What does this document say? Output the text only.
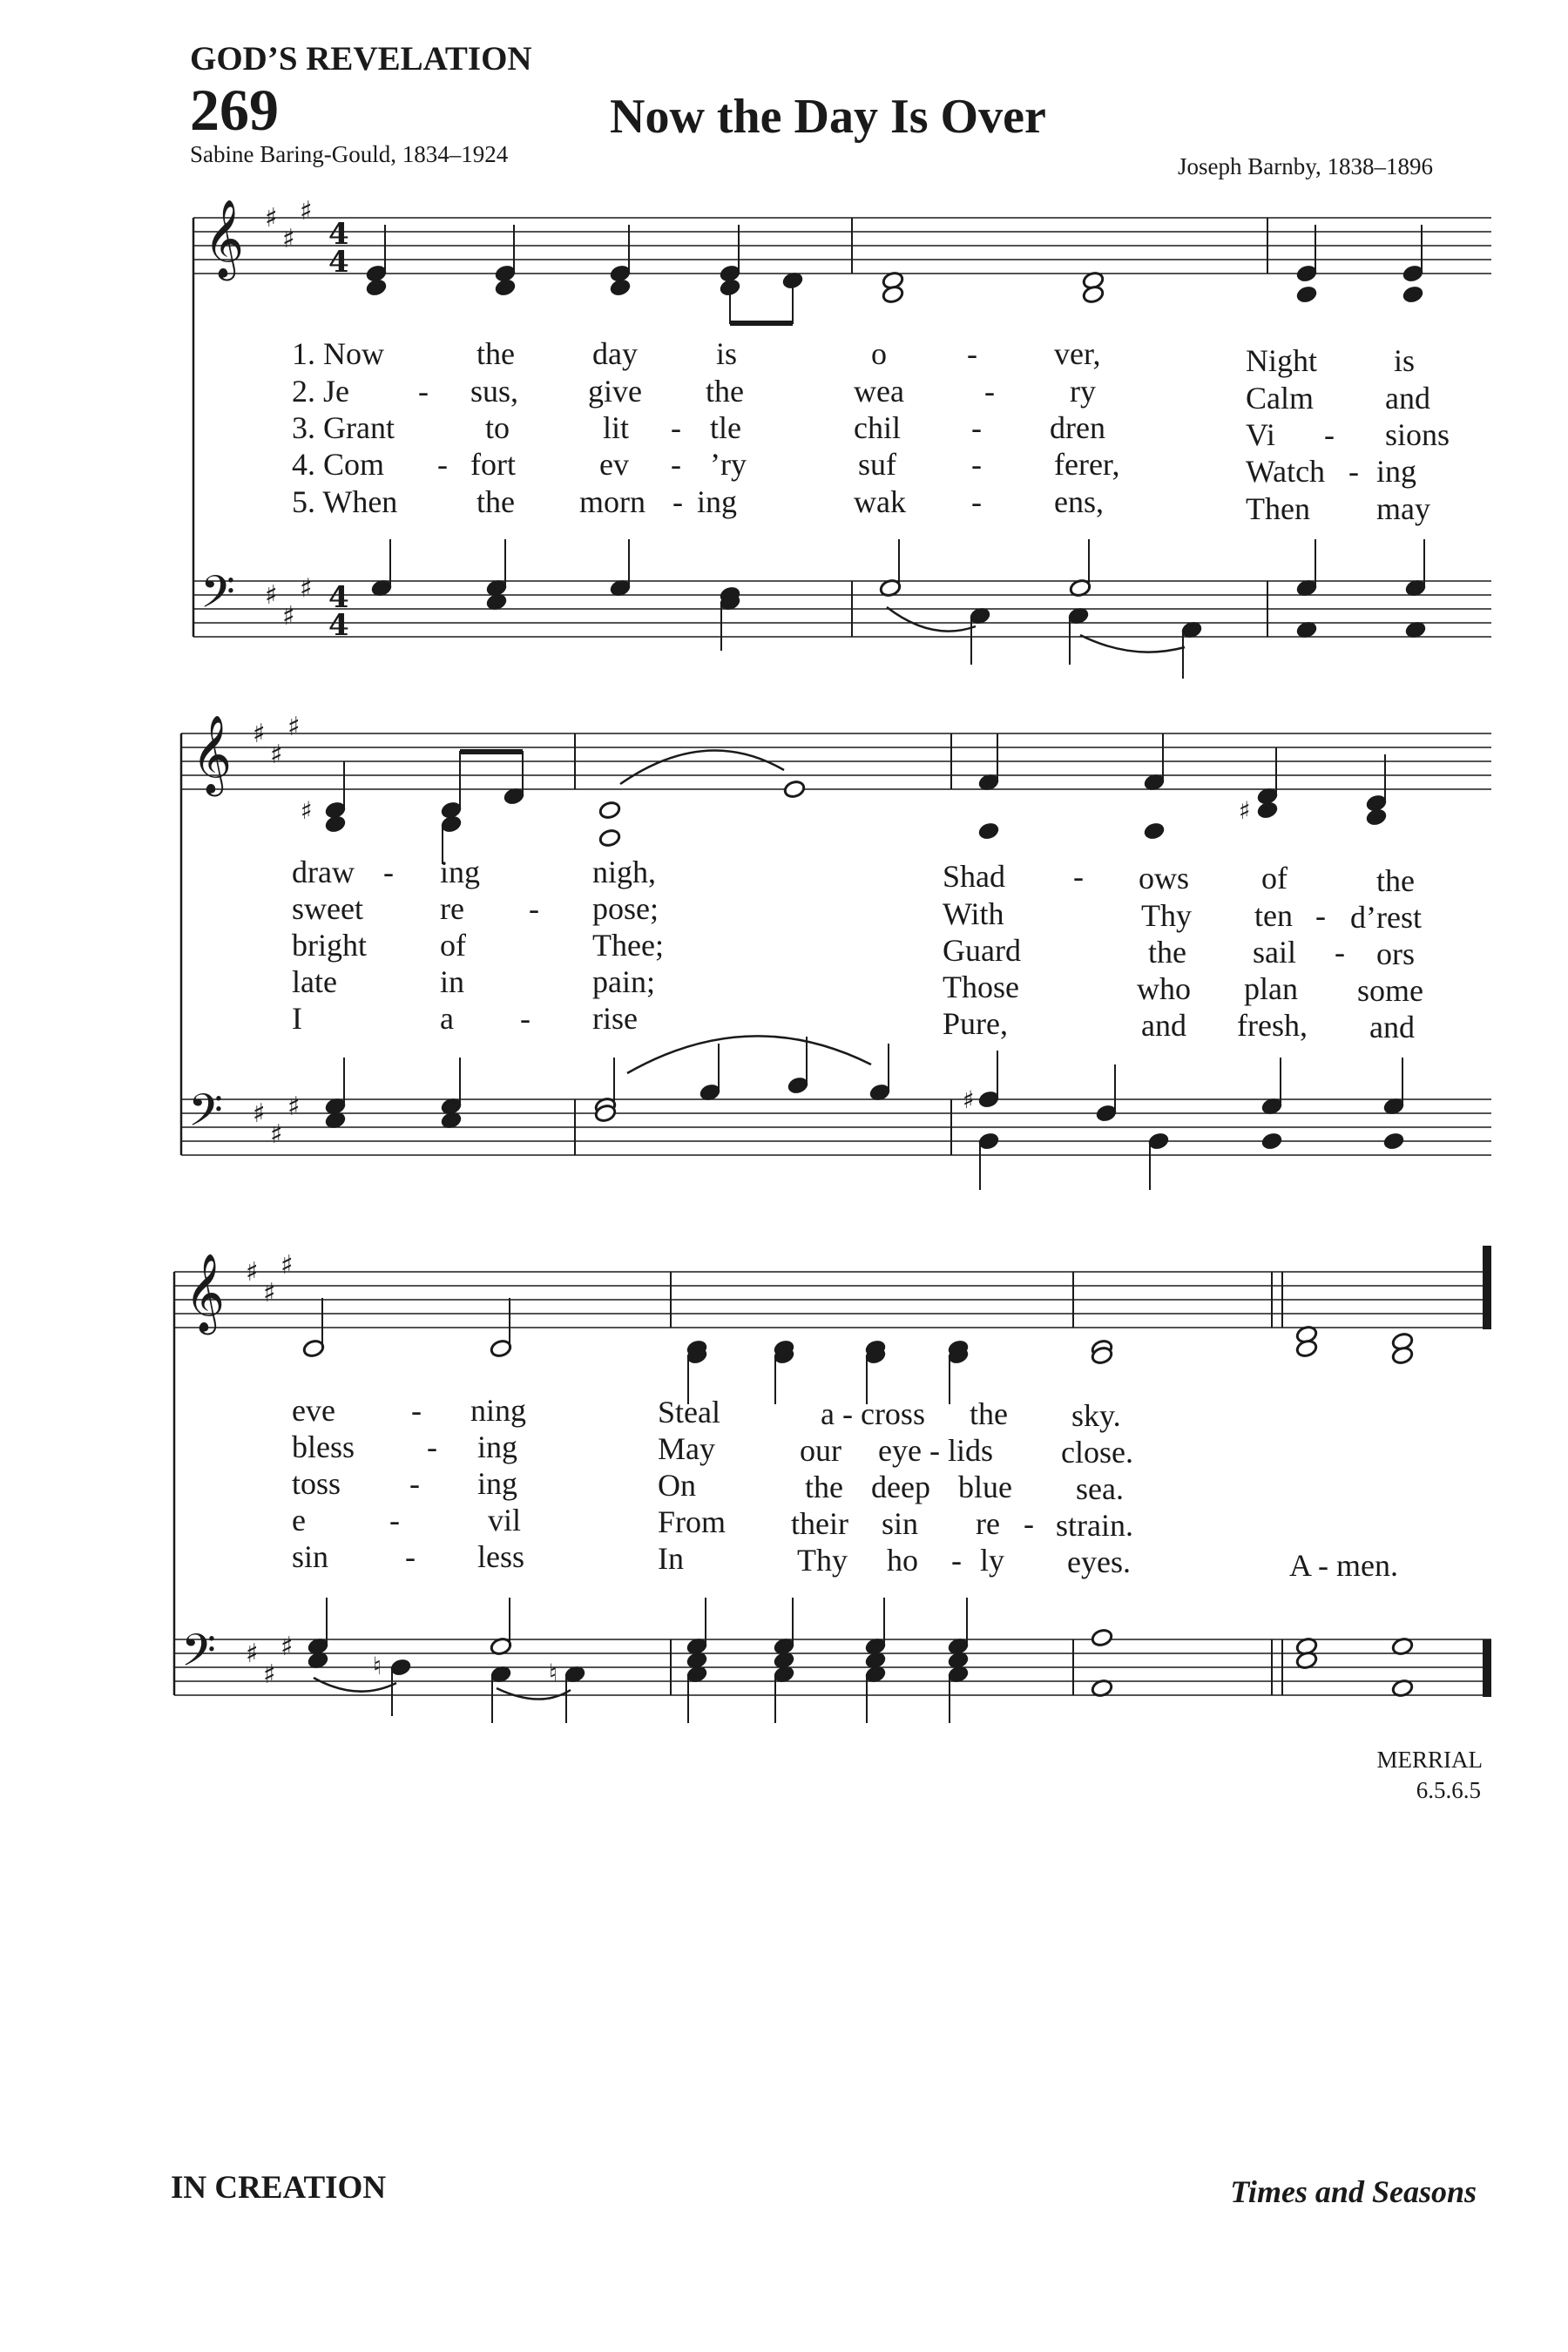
GOD’S REVELATION
269	Now the Day Is Over
Sabine Baring-Gould, 1834–1924	Joseph Barnby, 1838–1896
𝄞
𝄢
♯
♯
♯
♯
♯
♯
4
4
4
4
𝄞
𝄢
♯
♯
♯
♯
♯
♯
𝄞
𝄢
♯
♯
♯
♯
♯
♯
♯
♯
♯
♮	♮
1. Now	the day	is	o	- ver,	Night is
2. Je - sus, give the	wea	- ry	Calm and
3. Grant	to	lit - tle	chil - dren	Vi - sions
4. Com - fort	ev - ’ry	suf - ferer,	Watch - ing
5. When	the morn - ing	wak - ens,	Then may
draw - ing	nigh,	Shad - ows of	the
sweet re - pose;	With	Thy ten - d’rest
bright of	Thee;	Guard	the sail - ors
late	in	pain;	Those	who plan some
I	a - rise	Pure,	and fresh, and
eve - ning	Steal	a - cross the sky.
bless - ing	May	our eye - lids close.
toss - ing	On	the deep blue sea.
e	-	vil	From their sin re - strain.
sin - less	In	Thy ho - ly eyes.	A - men.
MERRIAL
6.5.6.5
IN CREATION	Times and Seasons
